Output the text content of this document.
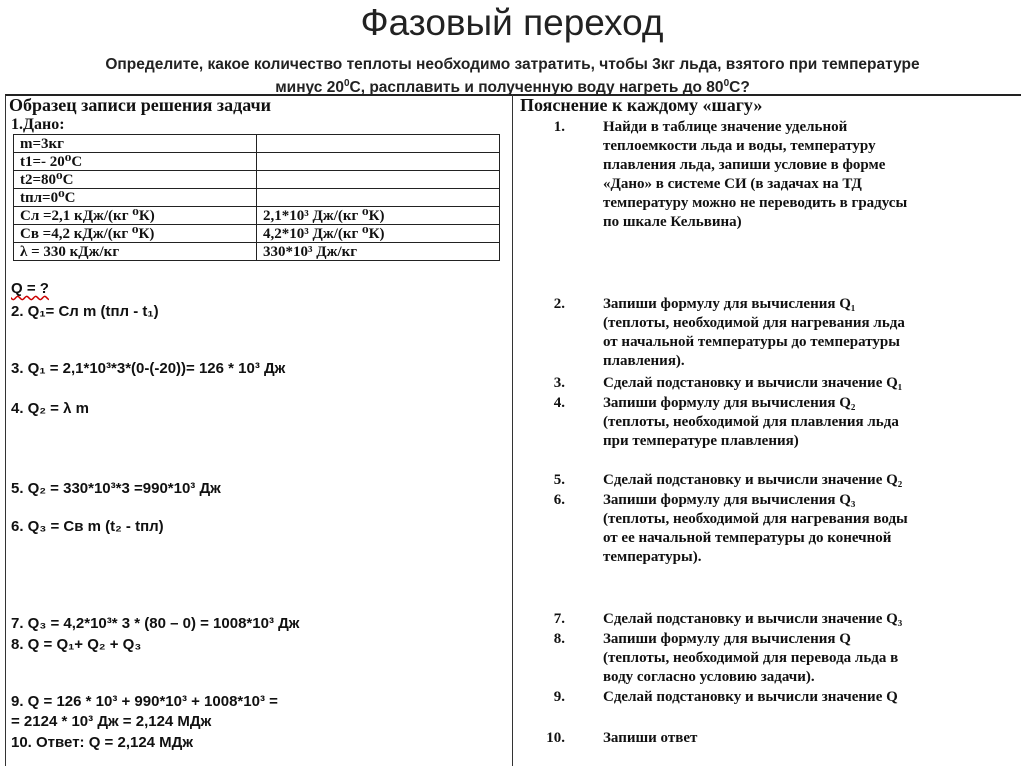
Фазовый переход
Определите, какое количество теплоты необходимо затратить, чтобы 3кг льда, взятого при температуре
минус $20^0С$, расплавить и полученную воду нагреть до $80^0С$?
Образец записи решения задачи	Пояснение к каждому «шагу»
1.Дано:
m=3кг	
t1=- 20⁰С	
t2=80⁰С	
tпл=0⁰С	
Сл =2,1 кДж/(кг ⁰К)	2,1*10³ Дж/(кг ⁰К)
Св =4,2 кДж/(кг ⁰К)	4,2*10³ Дж/(кг ⁰К)
λ = 330 кДж/кг	330*10³ Дж/кг
Q = ?
2. Q₁= Сл m (tпл - t₁)
3. Q₁ = 2,1*10³*3*(0-(-20))= 126 * 10³ Дж
4. Q₂ = λ m
5. Q₂ = 330*10³*3 =990*10³ Дж
6. Q₃ = Св m (t₂ - tпл)
7. Q₃ = 4,2*10³* 3 * (80 – 0) = 1008*10³ Дж
8. Q = Q₁+ Q₂ + Q₃
9. Q = 126 * 10³ + 990*10³ + 1008*10³ =
= 2124 * 10³ Дж = 2,124 МДж
10. Ответ: Q = 2,124 МДж
1.	Найди в таблице значение удельной
теплоемкости льда и воды, температуру
плавления льда, запиши условие в форме
«Дано» в системе СИ (в задачах на ТД
температуру можно не переводить в градусы
по шкале Кельвина)
2.	Запиши формулу для вычисления Q₁
(теплоты, необходимой для нагревания льда
от начальной температуры до температуры
плавления).
3.	Сделай подстановку и вычисли значение Q₁
4.	Запиши формулу для вычисления Q₂
(теплоты, необходимой для плавления льда
при температуре плавления)
5.	Сделай подстановку и вычисли значение Q₂
6.	Запиши формулу для вычисления Q₃
(теплоты, необходимой для нагревания воды
от ее начальной температуры до конечной
температуры).
7.	Сделай подстановку и вычисли значение Q₃
8.	Запиши формулу для вычисления Q
(теплоты, необходимой для перевода льда в
воду согласно условию задачи).
9.	Сделай подстановку и вычисли значение Q
10.	Запиши ответ
